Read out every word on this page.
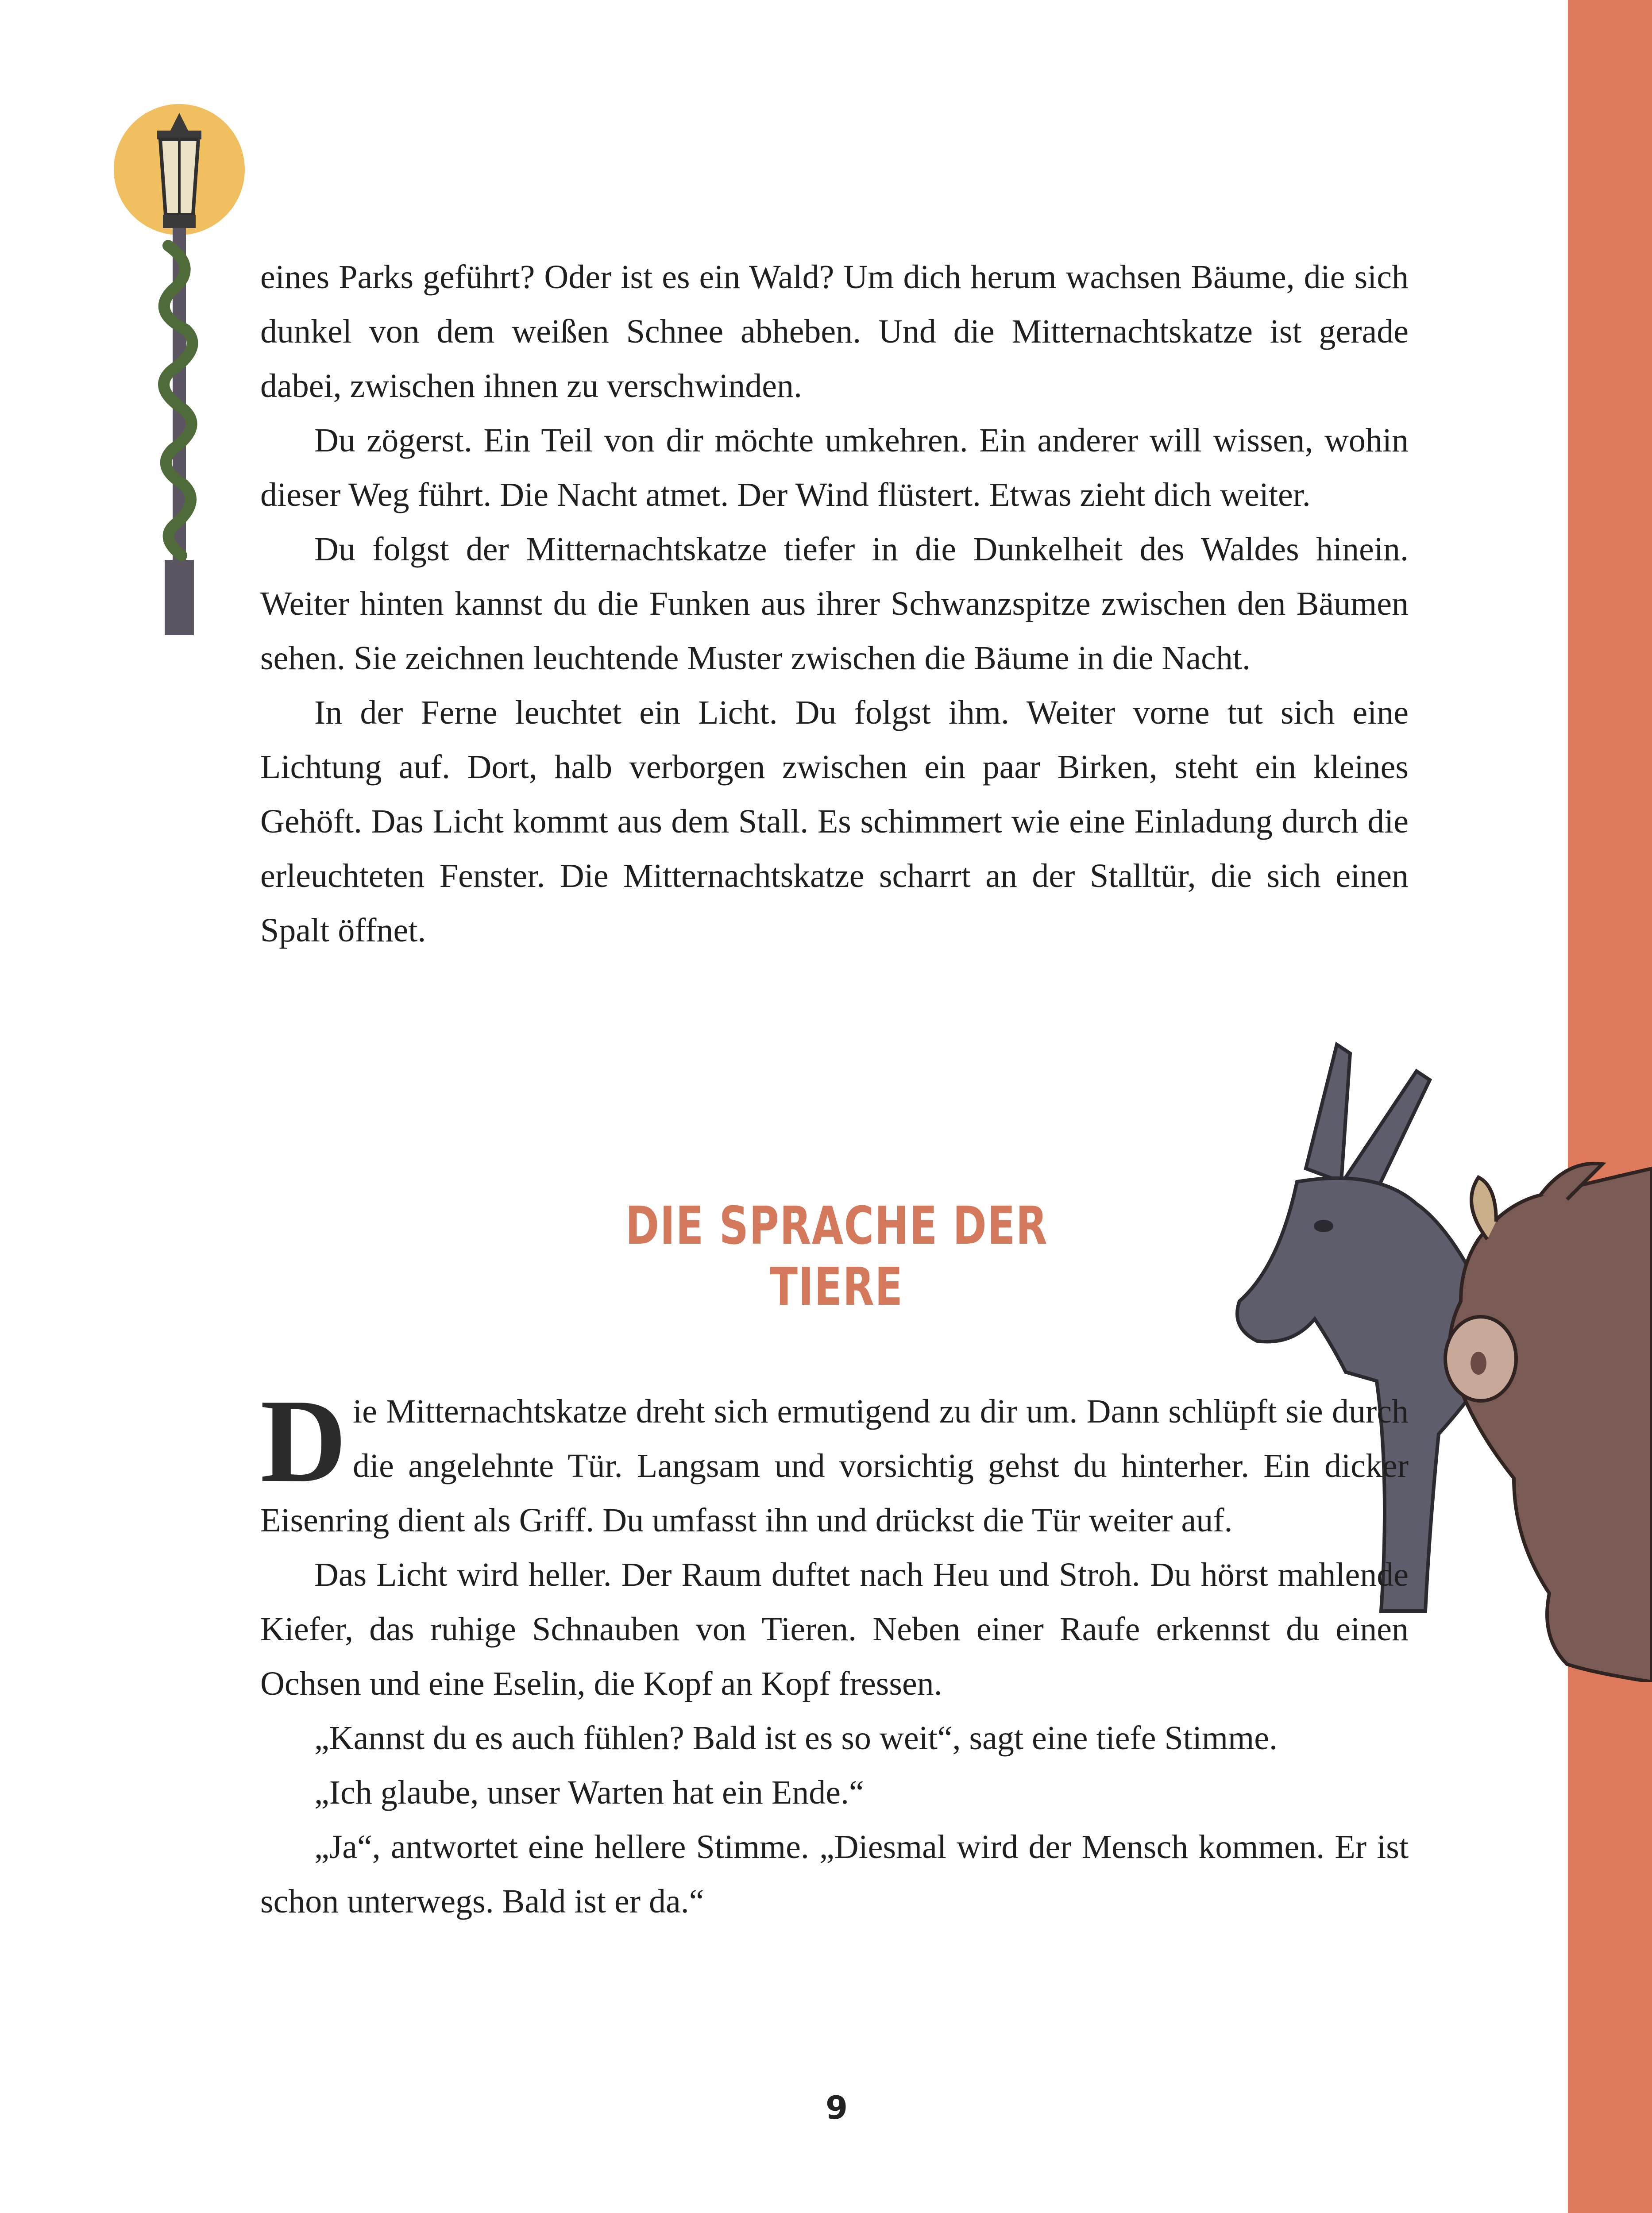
eines Parks geführt? Oder ist es ein Wald? Um dich herum wachsen Bäume, die sich dunkel von dem weißen Schnee abheben. Und die Mitternachtskatze ist gerade dabei, zwischen ihnen zu verschwinden.

Du zögerst. Ein Teil von dir möchte umkehren. Ein anderer will wissen, wohin dieser Weg führt. Die Nacht atmet. Der Wind flüstert. Etwas zieht dich weiter.

Du folgst der Mitternachtskatze tiefer in die Dunkelheit des Waldes hinein. Weiter hinten kannst du die Funken aus ihrer Schwanzspitze zwischen den Bäumen sehen. Sie zeichnen leuchtende Muster zwischen die Bäume in die Nacht.

In der Ferne leuchtet ein Licht. Du folgst ihm. Weiter vorne tut sich eine Lichtung auf. Dort, halb verborgen zwischen ein paar Birken, steht ein kleines Gehöft. Das Licht kommt aus dem Stall. Es schimmert wie eine Einladung durch die erleuchteten Fenster. Die Mitternachtskatze scharrt an der Stalltür, die sich einen Spalt öffnet.

DIE SPRACHE DER TIERE

Die Mitternachtskatze dreht sich ermutigend zu dir um. Dann schlüpft sie durch die angelehnte Tür. Langsam und vorsichtig gehst du hinterher. Ein dicker Eisenring dient als Griff. Du umfasst ihn und drückst die Tür weiter auf.

Das Licht wird heller. Der Raum duftet nach Heu und Stroh. Du hörst mahlende Kiefer, das ruhige Schnauben von Tieren. Neben einer Raufe erkennst du einen Ochsen und eine Eselin, die Kopf an Kopf fressen.

„Kannst du es auch fühlen? Bald ist es so weit“, sagt eine tiefe Stimme.

„Ich glaube, unser Warten hat ein Ende.“

„Ja“, antwortet eine hellere Stimme. „Diesmal wird der Mensch kommen. Er ist schon unterwegs. Bald ist er da.“

9
